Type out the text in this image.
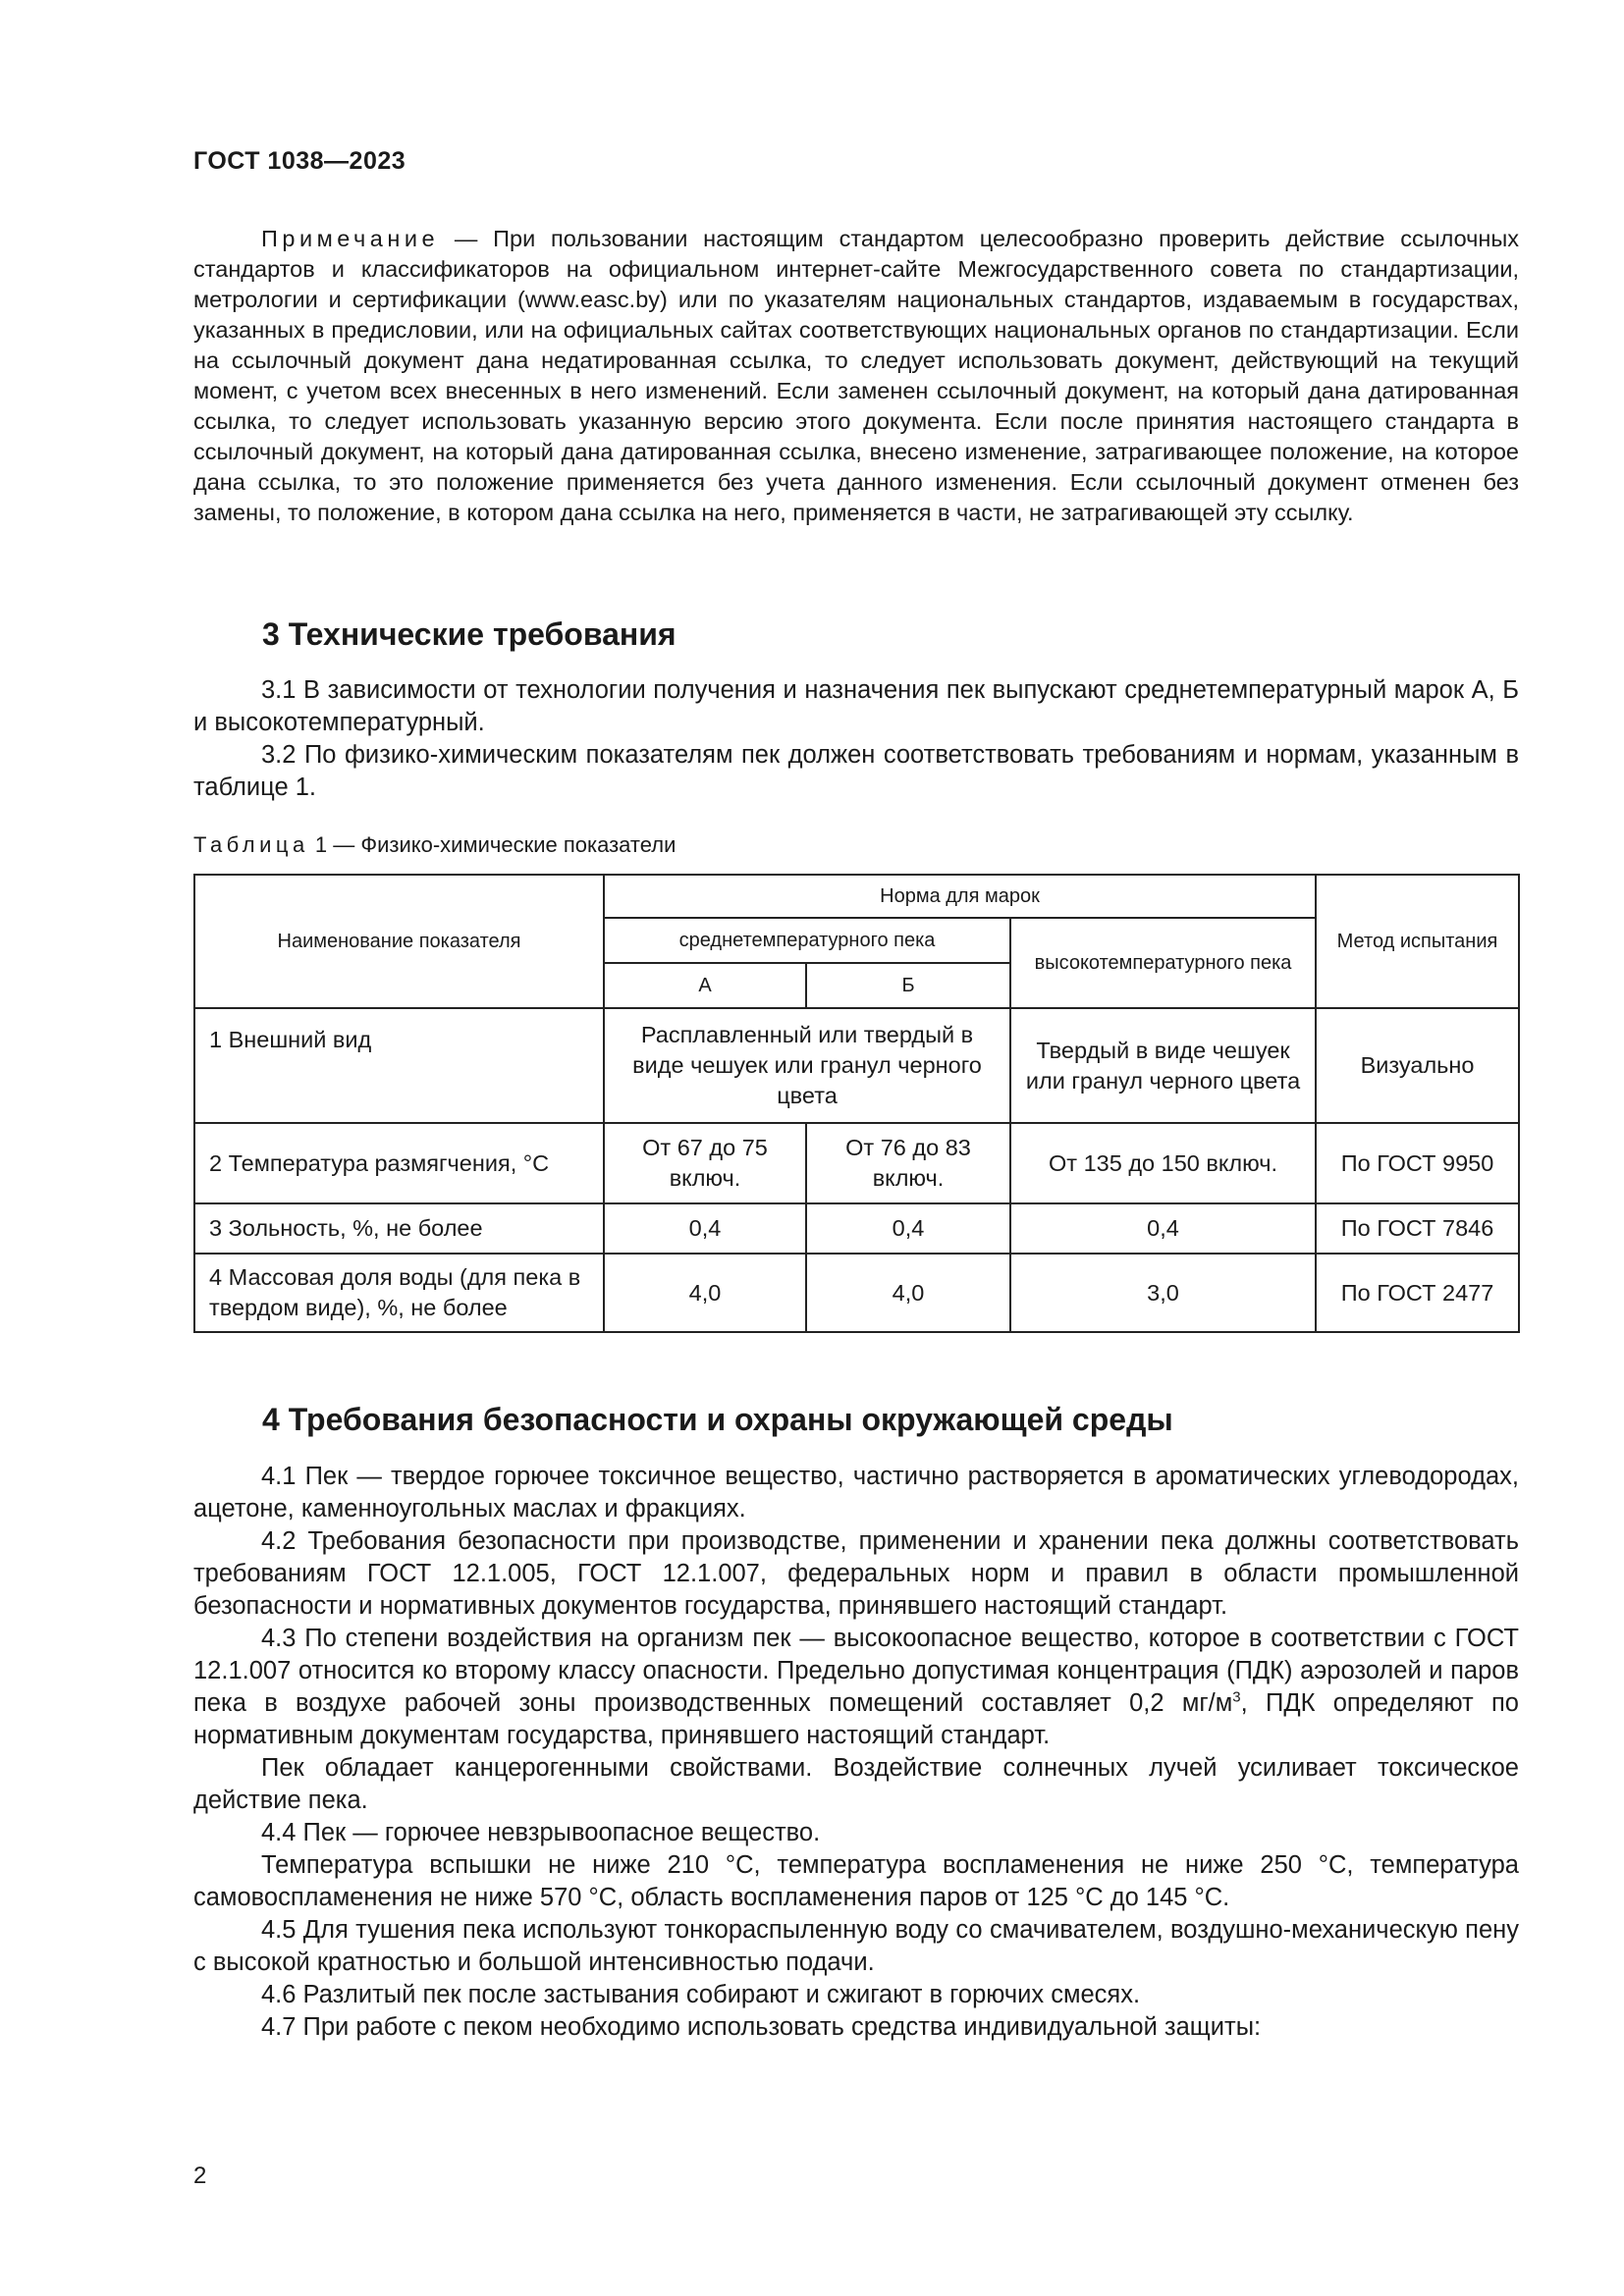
ГОСТ 1038—2023

Примечание — При пользовании настоящим стандартом целесообразно проверить действие ссылочных стандартов и классификаторов на официальном интернет-сайте Межгосударственного совета по стандартизации, метрологии и сертификации (www.easc.by) или по указателям национальных стандартов, издаваемым в государствах, указанных в предисловии, или на официальных сайтах соответствующих национальных органов по стандартизации. Если на ссылочный документ дана недатированная ссылка, то следует использовать документ, действующий на текущий момент, с учетом всех внесенных в него изменений. Если заменен ссылочный документ, на который дана датированная ссылка, то следует использовать указанную версию этого документа. Если после принятия настоящего стандарта в ссылочный документ, на который дана датированная ссылка, внесено изменение, затрагивающее положение, на которое дана ссылка, то это положение применяется без учета данного изменения. Если ссылочный документ отменен без замены, то положение, в котором дана ссылка на него, применяется в части, не затрагивающей эту ссылку.

3 Технические требования

3.1 В зависимости от технологии получения и назначения пек выпускают среднетемпературный марок А, Б и высокотемпературный.

3.2 По физико-химическим показателям пек должен соответствовать требованиям и нормам, указанным в таблице 1.

Таблица 1 — Физико-химические показатели
Наименование показателя	Норма для марок			Метод испытания
	среднетемпературного пека		высокотемпературного пека	
	А	Б		
1 Внешний вид	Расплавленный или твердый в виде чешуек или гранул черного цвета		Твердый в виде чешуек или гранул черного цвета	Визуально
2 Температура размягчения, °С	От 67 до 75 включ.	От 76 до 83 включ.	От 135 до 150 включ.	По ГОСТ 9950
3 Зольность, %, не более	0,4	0,4	0,4	По ГОСТ 7846
4 Массовая доля воды (для пека в твердом виде), %, не более	4,0	4,0	3,0	По ГОСТ 2477
4 Требования безопасности и охраны окружающей среды

4.1 Пек — твердое горючее токсичное вещество, частично растворяется в ароматических углеводородах, ацетоне, каменноугольных маслах и фракциях.

4.2 Требования безопасности при производстве, применении и хранении пека должны соответствовать требованиям ГОСТ 12.1.005, ГОСТ 12.1.007, федеральных норм и правил в области промышленной безопасности и нормативных документов государства, принявшего настоящий стандарт.

4.3 По степени воздействия на организм пек — высокоопасное вещество, которое в соответствии с ГОСТ 12.1.007 относится ко второму классу опасности. Предельно допустимая концентрация (ПДК) аэрозолей и паров пека в воздухе рабочей зоны производственных помещений составляет 0,2 $мг/м^3$, ПДК определяют по нормативным документам государства, принявшего настоящий стандарт.

Пек обладает канцерогенными свойствами. Воздействие солнечных лучей усиливает токсическое действие пека.

4.4 Пек — горючее невзрывоопасное вещество.

Температура вспышки не ниже 210 °С, температура воспламенения не ниже 250 °С, температура самовоспламенения не ниже 570 °С, область воспламенения паров от 125 °С до 145 °С.

4.5 Для тушения пека используют тонкораспыленную воду со смачивателем, воздушно-механическую пену с высокой кратностью и большой интенсивностью подачи.

4.6 Разлитый пек после застывания собирают и сжигают в горючих смесях.

4.7 При работе с пеком необходимо использовать средства индивидуальной защиты:

2
